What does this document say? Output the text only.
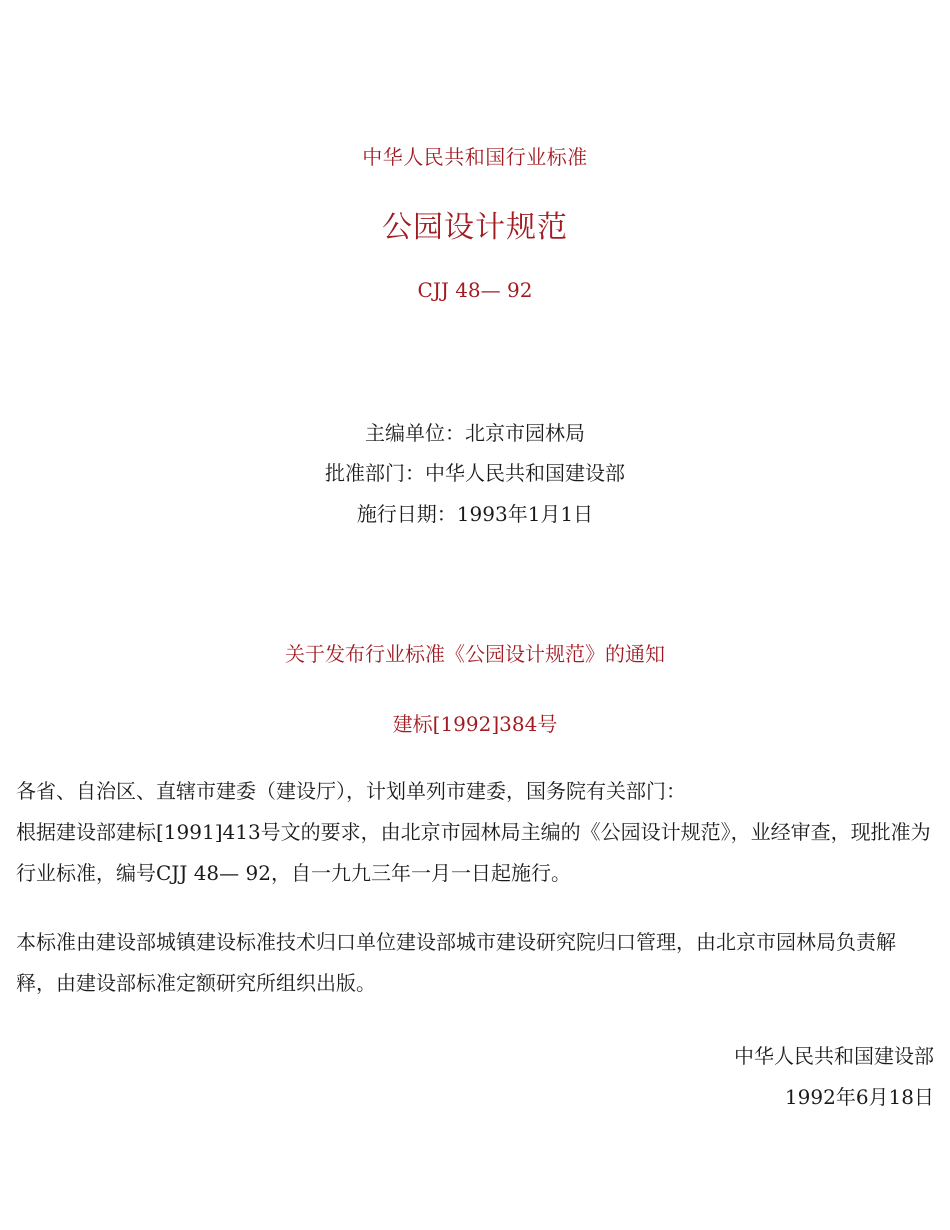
中华人民共和国行业标准
公园设计规范
CJJ 48— 92
主编单位：北京市园林局
批准部门：中华人民共和国建设部
施行日期：1993年1月1日
关于发布行业标准《公园设计规范》的通知
建标[1992]384号
各省、自治区、直辖市建委（建设厅），计划单列市建委，国务院有关部门：
根据建设部建标[1991]413号文的要求，由北京市园林局主编的《公园设计规范》，业经审查，现批准为行业标准，编号CJJ 48— 92，自一九九三年一月一日起施行。
本标准由建设部城镇建设标准技术归口单位建设部城市建设研究院归口管理，由北京市园林局负责解释，由建设部标准定额研究所组织出版。
中华人民共和国建设部
1992年6月18日
